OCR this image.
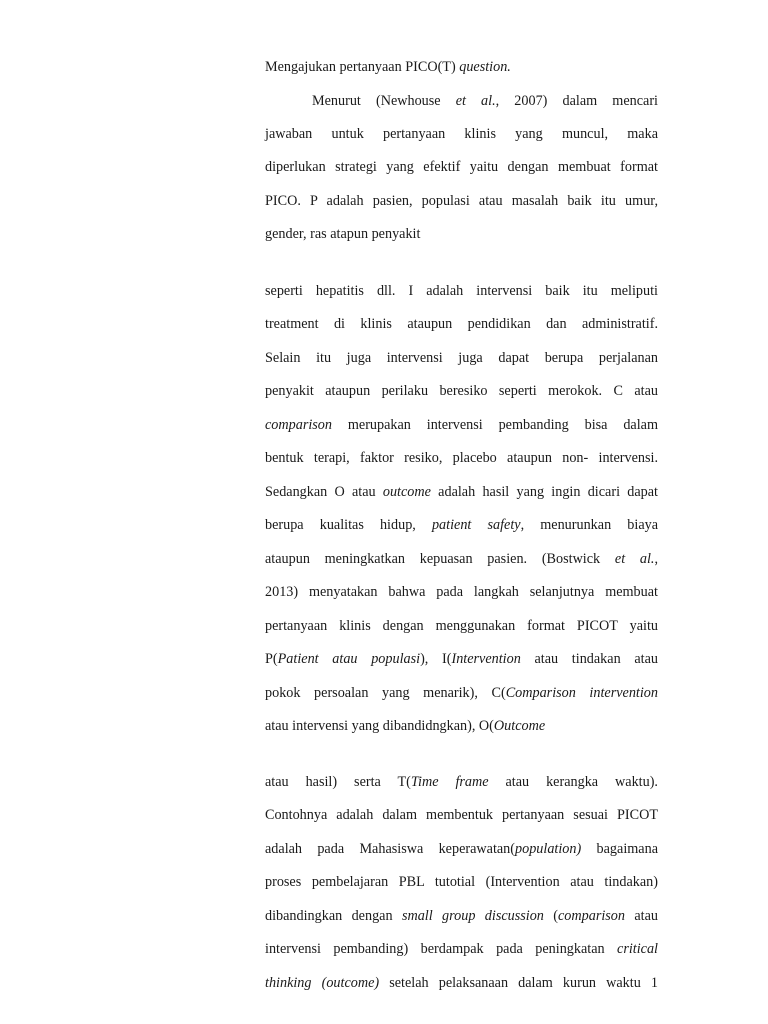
Mengajukan pertanyaan PICO(T) question.
Menurut (Newhouse et al., 2007) dalam mencari
jawaban untuk pertanyaan klinis yang muncul, maka
diperlukan strategi yang efektif yaitu dengan membuat format
PICO. P adalah pasien, populasi atau masalah baik itu umur,
gender, ras atapun penyakit
seperti hepatitis dll. I adalah intervensi baik itu meliputi
treatment di klinis ataupun pendidikan dan administratif.
Selain itu juga intervensi juga dapat berupa perjalanan
penyakit ataupun perilaku beresiko seperti merokok. C atau
comparison merupakan intervensi pembanding bisa dalam
bentuk terapi, faktor resiko, placebo ataupun non- intervensi.
Sedangkan O atau outcome adalah hasil yang ingin dicari dapat
berupa kualitas hidup, patient safety, menurunkan biaya
ataupun meningkatkan kepuasan pasien. (Bostwick et al.,
2013) menyatakan bahwa pada langkah selanjutnya membuat
pertanyaan klinis dengan menggunakan format PICOT yaitu
P(Patient atau populasi), I(Intervention atau tindakan atau
pokok persoalan yang menarik), C(Comparison intervention
atau intervensi yang dibandidngkan), O(Outcome
atau hasil) serta T(Time frame atau kerangka waktu).
Contohnya adalah dalam membentuk pertanyaan sesuai PICOT
adalah pada Mahasiswa keperawatan(population) bagaimana
proses pembelajaran PBL tutotial (Intervention atau tindakan)
dibandingkan dengan small group discussion (comparison atau
intervensi pembanding) berdampak pada peningkatan critical
thinking (outcome) setelah pelaksanaan dalam kurun waktu 1
